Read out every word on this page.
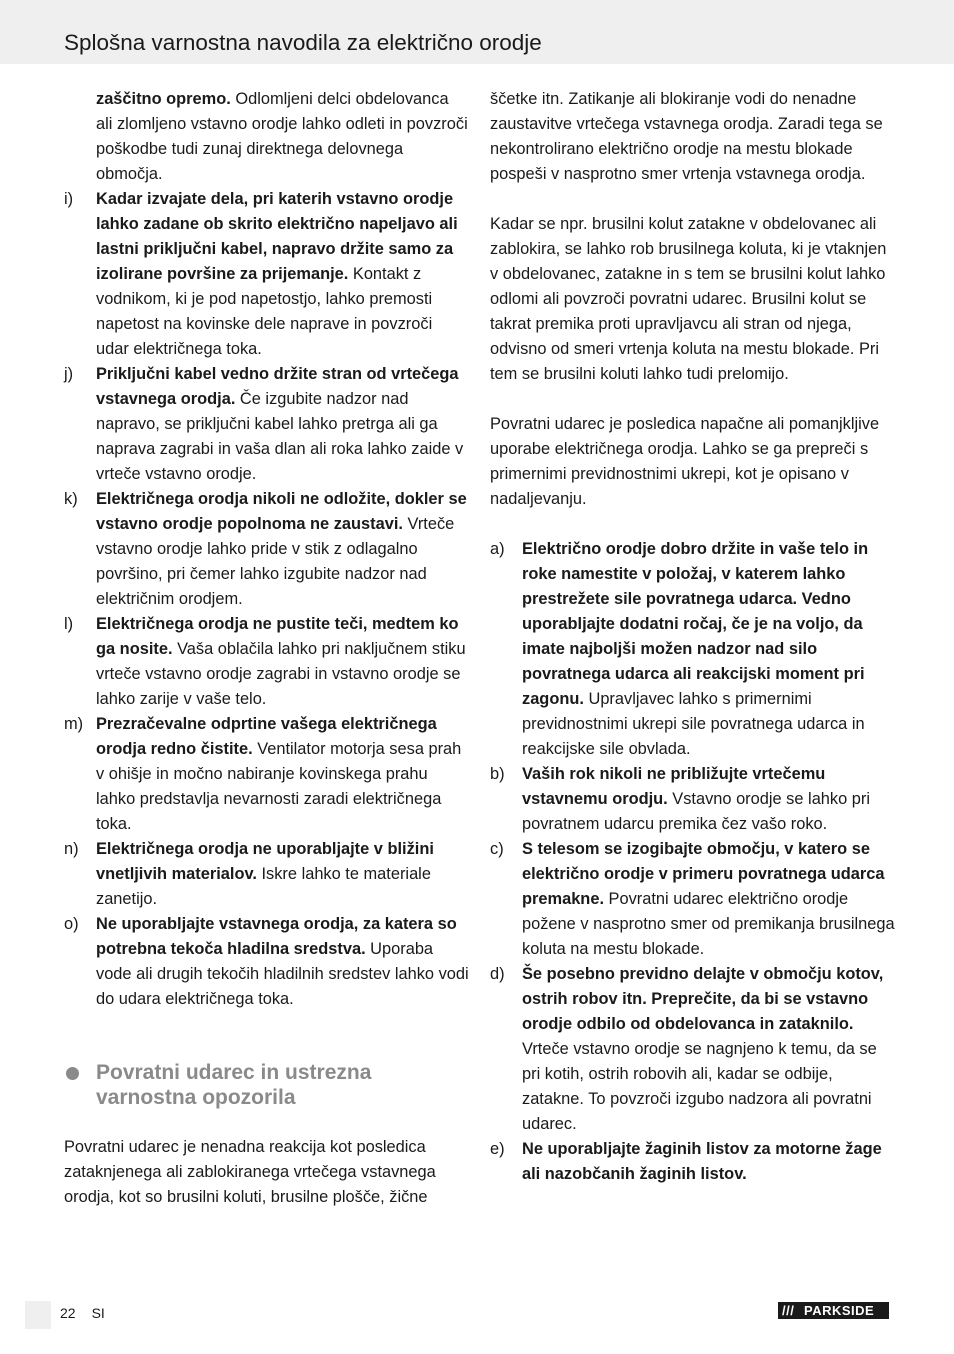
Splošna varnostna navodila za električno orodje

zaščitno opremo. Odlomljeni delci obdelovanca ali zlomljeno vstavno orodje lahko odleti in povzroči poškodbe tudi zunaj direktnega delovnega območja.

i) Kadar izvajate dela, pri katerih vstavno orodje lahko zadane ob skrito električno napeljavo ali lastni priključni kabel, napravo držite samo za izolirane površine za prijemanje. Kontakt z vodnikom, ki je pod napetostjo, lahko premosti napetost na kovinske dele naprave in povzroči udar električnega toka.
j) Priključni kabel vedno držite stran od vrtečega vstavnega orodja. Če izgubite nadzor nad napravo, se priključni kabel lahko pretrga ali ga naprava zagrabi in vaša dlan ali roka lahko zaide v vrteče vstavno orodje.
k) Električnega orodja nikoli ne odložite, dokler se vstavno orodje popolnoma ne zaustavi. Vrteče vstavno orodje lahko pride v stik z odlagalno površino, pri čemer lahko izgubite nadzor nad električnim orodjem.
l) Električnega orodja ne pustite teči, medtem ko ga nosite. Vaša oblačila lahko pri naključnem stiku vrteče vstavno orodje zagrabi in vstavno orodje se lahko zarije v vaše telo.
m) Prezračevalne odprtine vašega električnega orodja redno čistite. Ventilator motorja sesa prah v ohišje in močno nabiranje kovinskega prahu lahko predstavlja nevarnosti zaradi električnega toka.
n) Električnega orodja ne uporabljajte v bližini vnetljivih materialov. Iskre lahko te materiale zanetijo.
o) Ne uporabljajte vstavnega orodja, za katera so potrebna tekoča hladilna sredstva. Uporaba vode ali drugih tekočih hladilnih sredstev lahko vodi do udara električnega toka.
Povratni udarec in ustrezna varnostna opozorila

Povratni udarec je nenadna reakcija kot posledica zataknjenega ali zablokiranega vrtečega vstavnega orodja, kot so brusilni koluti, brusilne plošče, žične

ščetke itn. Zatikanje ali blokiranje vodi do nenadne zaustavitve vrtečega vstavnega orodja. Zaradi tega se nekontrolirano električno orodje na mestu blokade pospeši v nasprotno smer vrtenja vstavnega orodja.

Kadar se npr. brusilni kolut zatakne v obdelovanec ali zablokira, se lahko rob brusilnega koluta, ki je vtaknjen v obdelovanec, zatakne in s tem se brusilni kolut lahko odlomi ali povzroči povratni udarec. Brusilni kolut se takrat premika proti upravljavcu ali stran od njega, odvisno od smeri vrtenja koluta na mestu blokade. Pri tem se brusilni koluti lahko tudi prelomijo.

Povratni udarec je posledica napačne ali pomanjkljive uporabe električnega orodja. Lahko se ga prepreči s primernimi previdnostnimi ukrepi, kot je opisano v nadaljevanju.

a) Električno orodje dobro držite in vaše telo in roke namestite v položaj, v katerem lahko prestrežete sile povratnega udarca. Vedno uporabljajte dodatni ročaj, če je na voljo, da imate najboljši možen nadzor nad silo povratnega udarca ali reakcijski moment pri zagonu. Upravljavec lahko s primernimi previdnostnimi ukrepi sile povratnega udarca in reakcijske sile obvlada.
b) Vaših rok nikoli ne približujte vrtečemu vstavnemu orodju. Vstavno orodje se lahko pri povratnem udarcu premika čez vašo roko.
c) S telesom se izogibajte območju, v katero se električno orodje v primeru povratnega udarca premakne. Povratni udarec električno orodje požene v nasprotno smer od premikanja brusilnega koluta na mestu blokade.
d) Še posebno previdno delajte v območju kotov, ostrih robov itn. Preprečite, da bi se vstavno orodje odbilo od obdelovanca in zataknilo. Vrteče vstavno orodje se nagnjeno k temu, da se pri kotih, ostrih robovih ali, kadar se odbije, zatakne. To povzroči izgubo nadzora ali povratni udarec.
e) Ne uporabljajte žaginih listov za motorne žage ali nazobčanih žaginih listov.
22 SI	/// PARKSIDE
